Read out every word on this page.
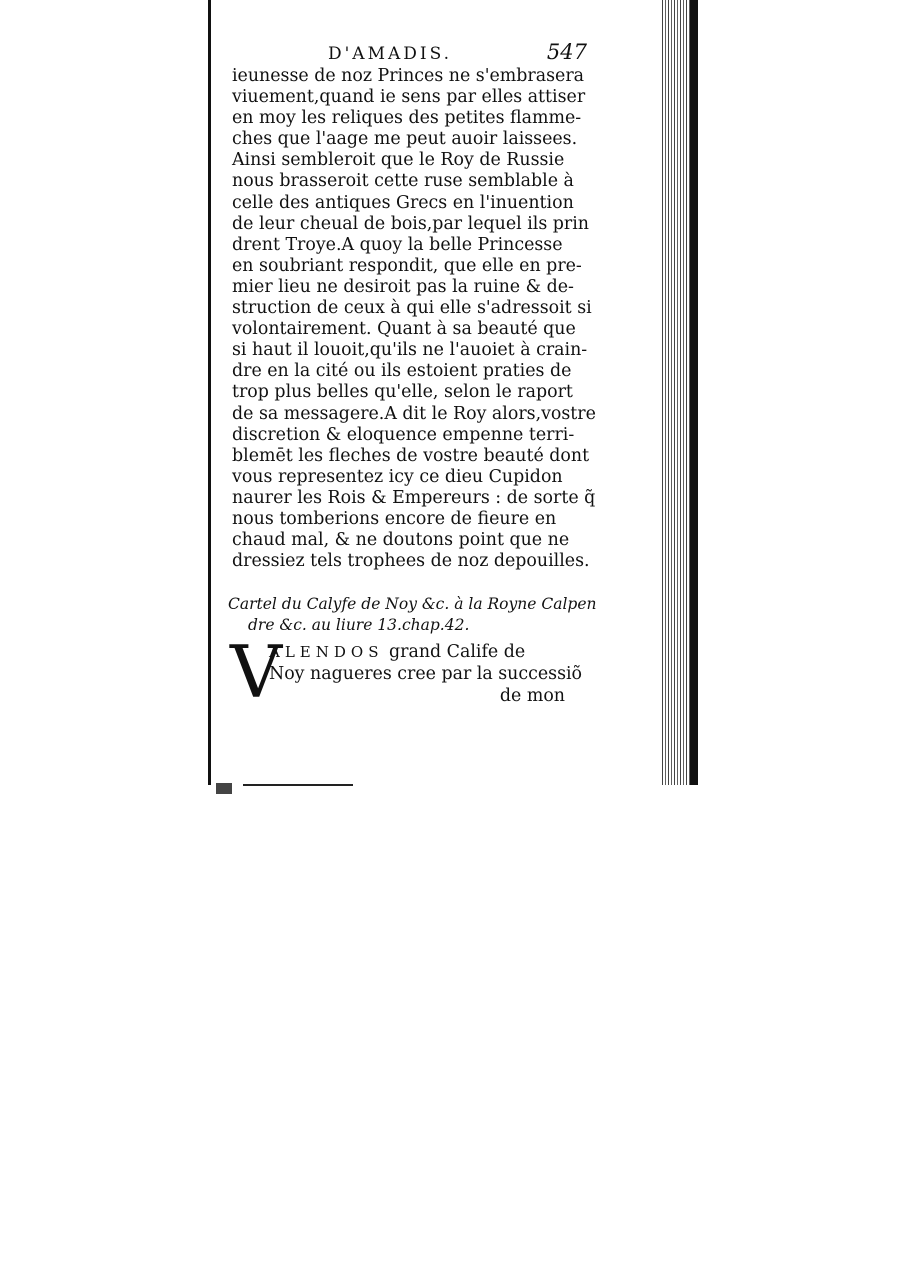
D'AMADIS.	547
ieunesse de noz Princes ne s'embrasera
viuement,quand ie sens par elles attiser
en moy les reliques des petites flamme-
ches que l'aage me peut auoir laissees.
Ainsi sembleroit que le Roy de Russie
nous brasseroit cette ruse semblable à
celle des antiques Grecs en l'inuention
de leur cheual de bois,par lequel ils prin
drent Troye.A quoy la belle Princesse
en soubriant respondit, que elle en pre-
mier lieu ne desiroit pas la ruine & de-
struction de ceux à qui elle s'adressoit si
volontairement. Quant à sa beauté que
si haut il louoit,qu'ils ne l'auoiet à crain-
dre en la cité ou ils estoient praties de
trop plus belles qu'elle, selon le raport
de sa messagere.A dit le Roy alors,vostre
discretion & eloquence empenne terri-
blemēt les fleches de vostre beauté dont
vous representez icy ce dieu Cupidon
naurer les Rois & Empereurs : de sorte q̃
nous tomberions encore de fieure en
chaud mal, & ne doutons point que ne
dressiez tels trophees de noz depouilles.
Cartel du Calyfe de Noy &c. à la Royne Calpen
dre &c. au liure 13.chap.42.
V
ALENDOS grand Calife de
Noy nagueres cree par la successiõ
de mon
